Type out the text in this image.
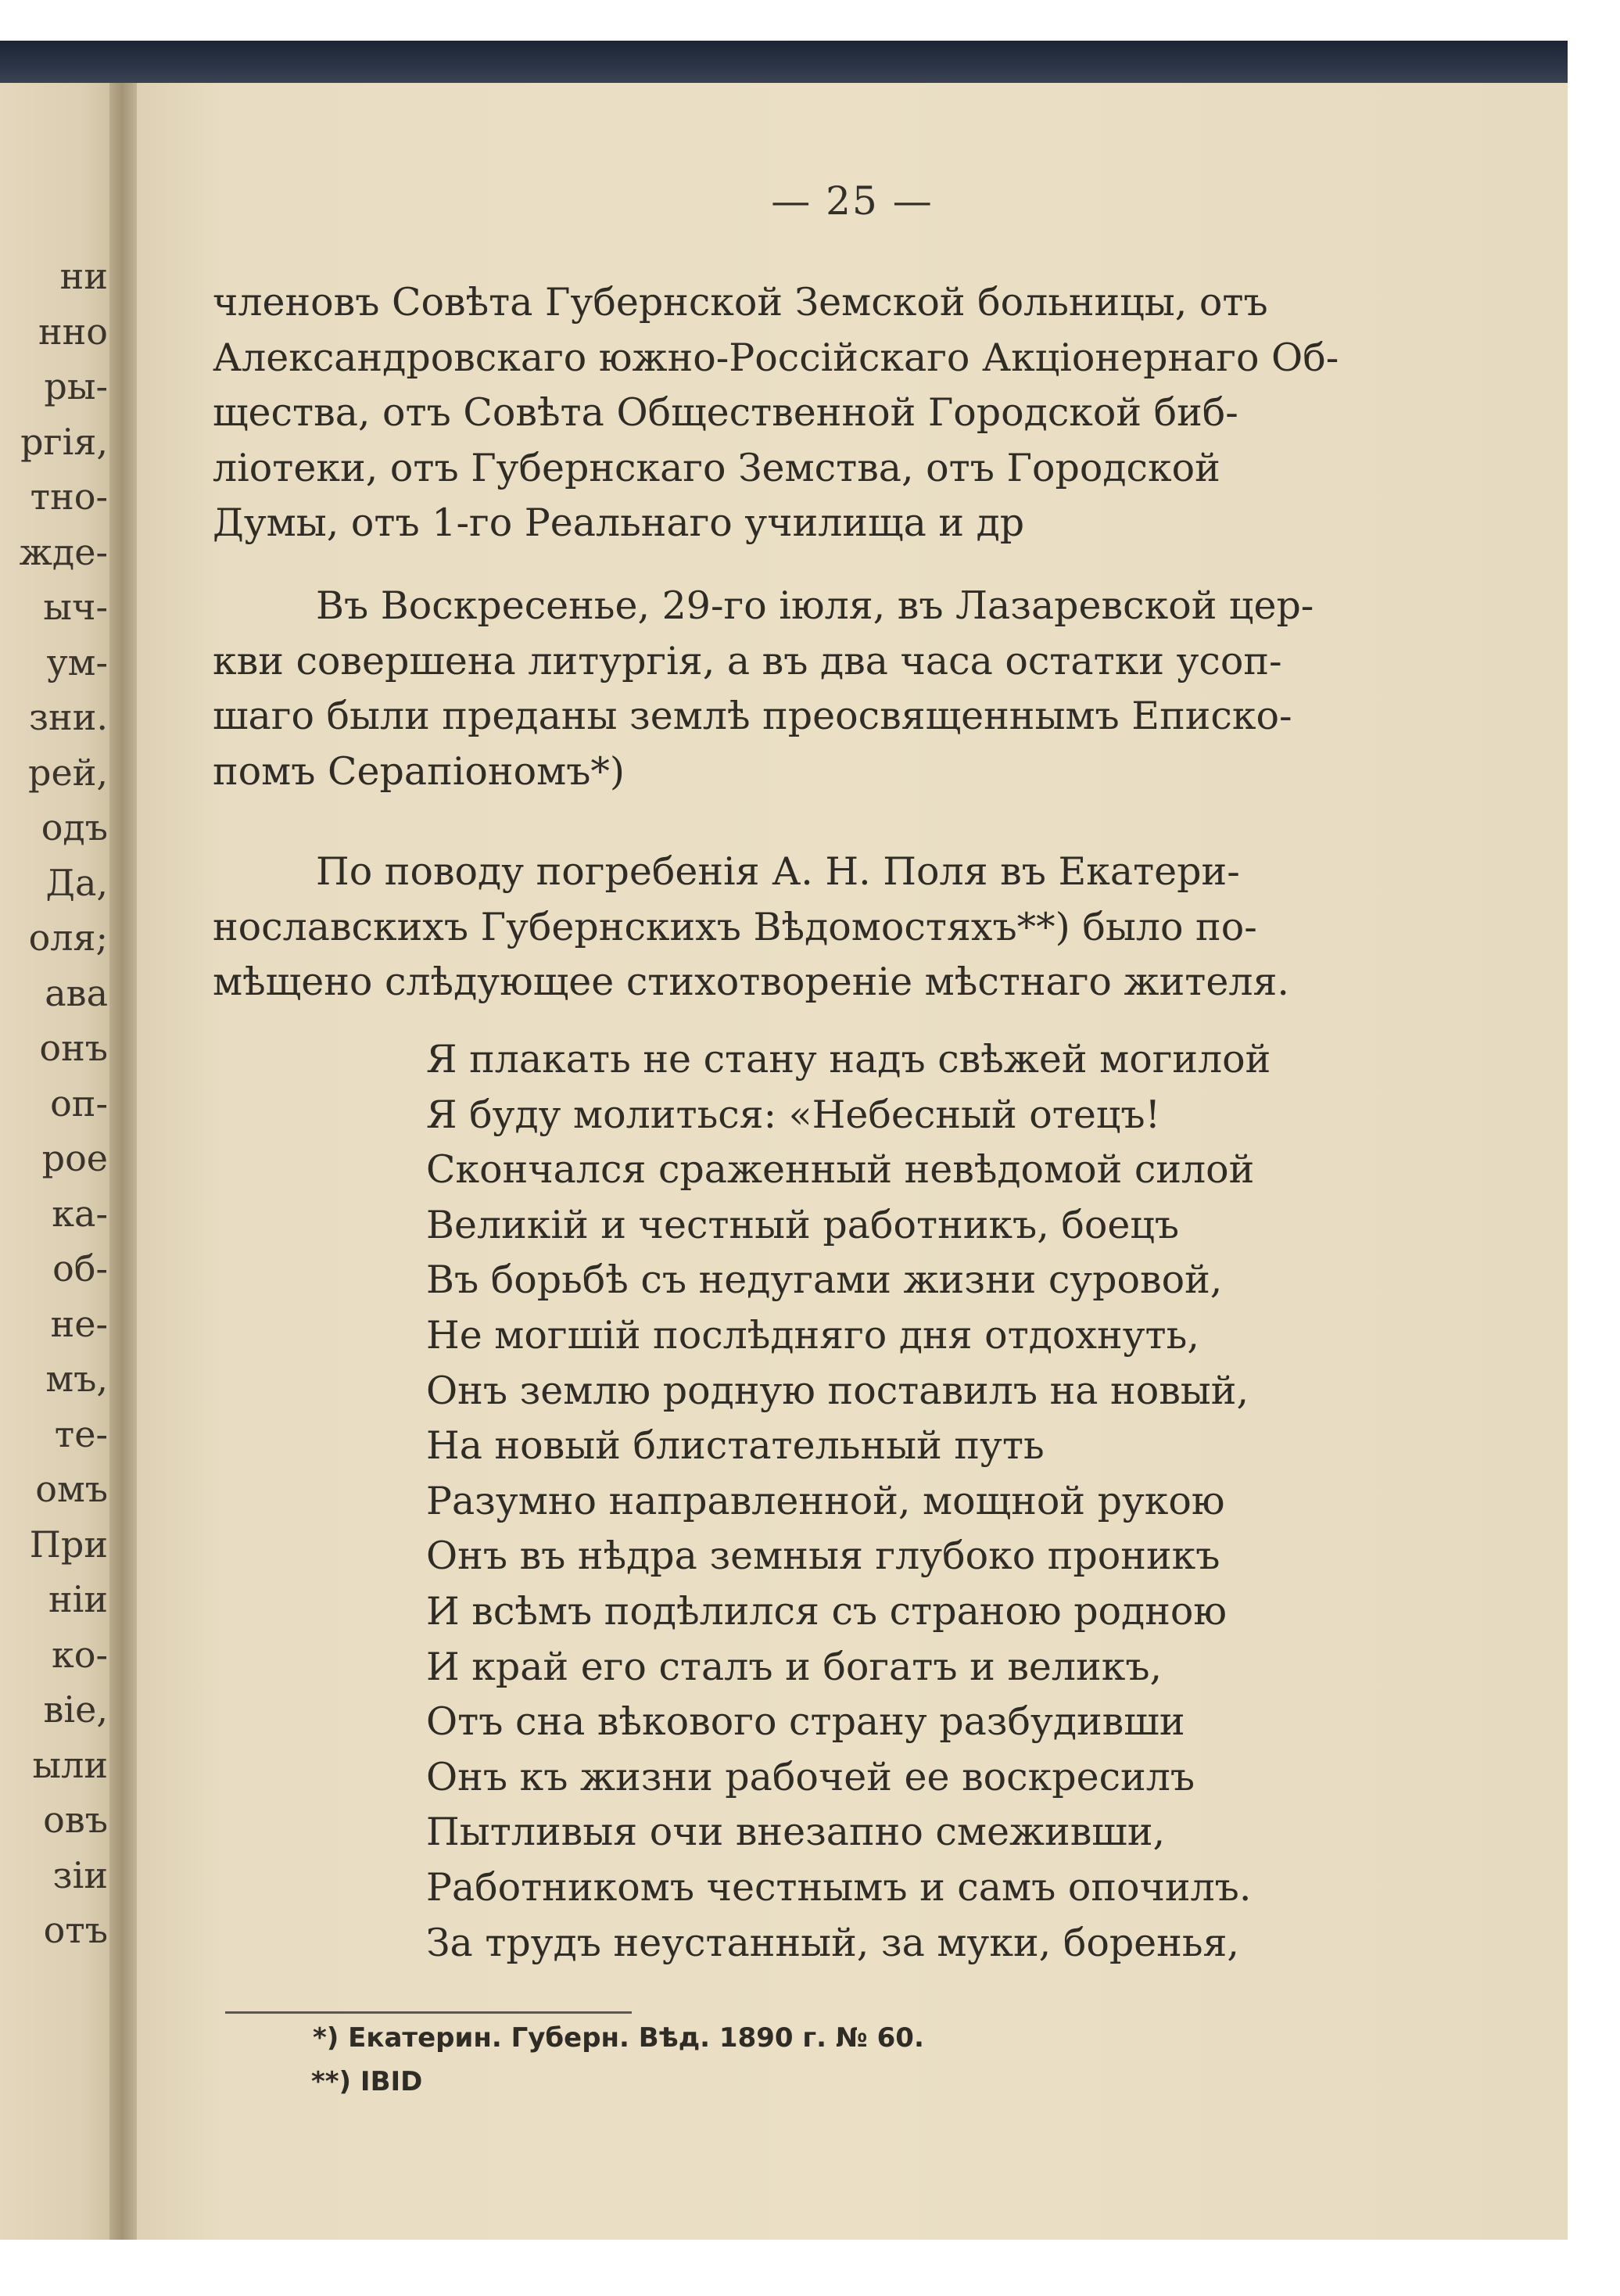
ни
нно
ры-
ргія,
тно-
жде-
ыч-
ум-
зни.
рей,
одъ
Да,
оля;
ава
онъ
оп-
рое
ка-
об-
не-
мъ,
те-
омъ
При
ніи
ко-
віе,
ыли
овъ
зіи
отъ
— 25 —
членовъ Совѣта Губернской Земской больницы, отъ
Александровскаго южно-Россійскаго Акціонернаго Об-
щества, отъ Совѣта Общественной Городской биб-
ліотеки, отъ Губернскаго Земства, отъ Городской
Думы, отъ 1-го Реальнаго училища и др
Въ Воскресенье, 29-го іюля, въ Лазаревской цер-
кви совершена литургія, а въ два часа остатки усоп-
шаго были преданы землѣ преосвященнымъ Еписко-
помъ Серапіономъ*)
По поводу погребенія А. Н. Поля въ Екатери-
нославскихъ Губернскихъ Вѣдомостяхъ**) было по-
мѣщено слѣдующее стихотвореніе мѣстнаго жителя.
Я плакать не стану надъ свѣжей могилой
Я буду молиться: «Небесный отецъ!
Скончался сраженный невѣдомой силой
Великій и честный работникъ, боецъ
Въ борьбѣ съ недугами жизни суровой,
Не могшій послѣдняго дня отдохнуть,
Онъ землю родную поставилъ на новый,
На новый блистательный путь
Разумно направленной, мощной рукою
Онъ въ нѣдра земныя глубоко проникъ
И всѣмъ подѣлился съ страною родною
И край его сталъ и богатъ и великъ,
Отъ сна вѣкового страну разбудивши
Онъ къ жизни рабочей ее воскресилъ
Пытливыя очи внезапно смеживши,
Работникомъ честнымъ и самъ опочилъ.
За трудъ неустанный, за муки, боренья,
*) Екатерин. Губерн. Вѣд. 1890 г. № 60.
**) IBID
